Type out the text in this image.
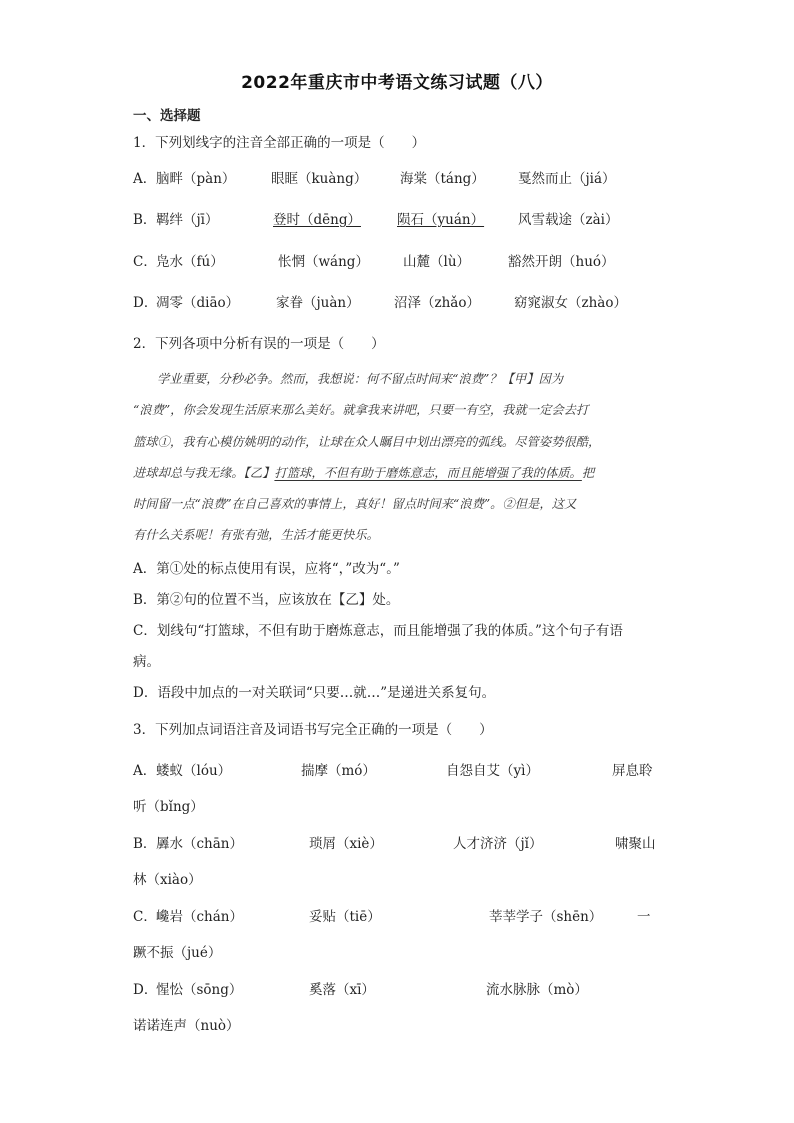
2022年重庆市中考语文练习试题（八）
一、选择题
1．下列划线字的注音全部正确的一项是（　　）
A． 脑畔（pàn）	眼眶（kuàng） 海棠（táng） 戛然而止（jiá）
B． 羁绊（jī）	登时（dēng）	陨石（yuán）	风雪载途（zài）
C． 凫水（fú）	怅惘（wáng）	山麓（lù）	豁然开朗（huó）
D．
凋零（diāo）	家眷（juàn）	沼泽（zhǎo）	窈窕淑女（zhào）
2．下列各项中分析有误的一项是（　　）
学业重要，分秒必争。然而，我想说：何不留点时间来“浪费”？【甲】因为
“浪费”，你会发现生活原来那么美好。就拿我来讲吧，只要一有空，我就一定会去打
篮球①，我有心模仿姚明的动作，让球在众人瞩目中划出漂亮的弧线。尽管姿势很酷，
进球却总与我无缘。【乙】打篮球，不但有助于磨炼意志，而且能增强了我的体质。把
时间留一点“浪费”在自己喜欢的事情上，真好！留点时间来“浪费”。②但是，这又
有什么关系呢！有张有弛，生活才能更快乐。
A．第①处的标点使用有误，应将“，”改为“。”
B．第②句的位置不当，应该放在【乙】处。
C．划线句“打篮球，不但有助于磨炼意志，而且能增强了我的体质。”这个句子有语
病。
D．语段中加点的一对关联词“只要…就…”是递进关系复句。
3．下列加点词语注音及词语书写完全正确的一项是（　　）
A． 蝼蚁（lóu）	揣摩（mó）	自怨自艾（yì）	屏息聆
听（bǐng）
B． 羼水（chān）	琐屑（xiè）	人才济济（jǐ）	啸聚山
林（xiào）
C． 巉岩（chán）	妥贴（tiē）	莘莘学子（shēn）	一
蹶不振（jué）
D．
惺忪（sōng）	奚落（xī）	流水脉脉（mò）
诺诺连声（nuò）
